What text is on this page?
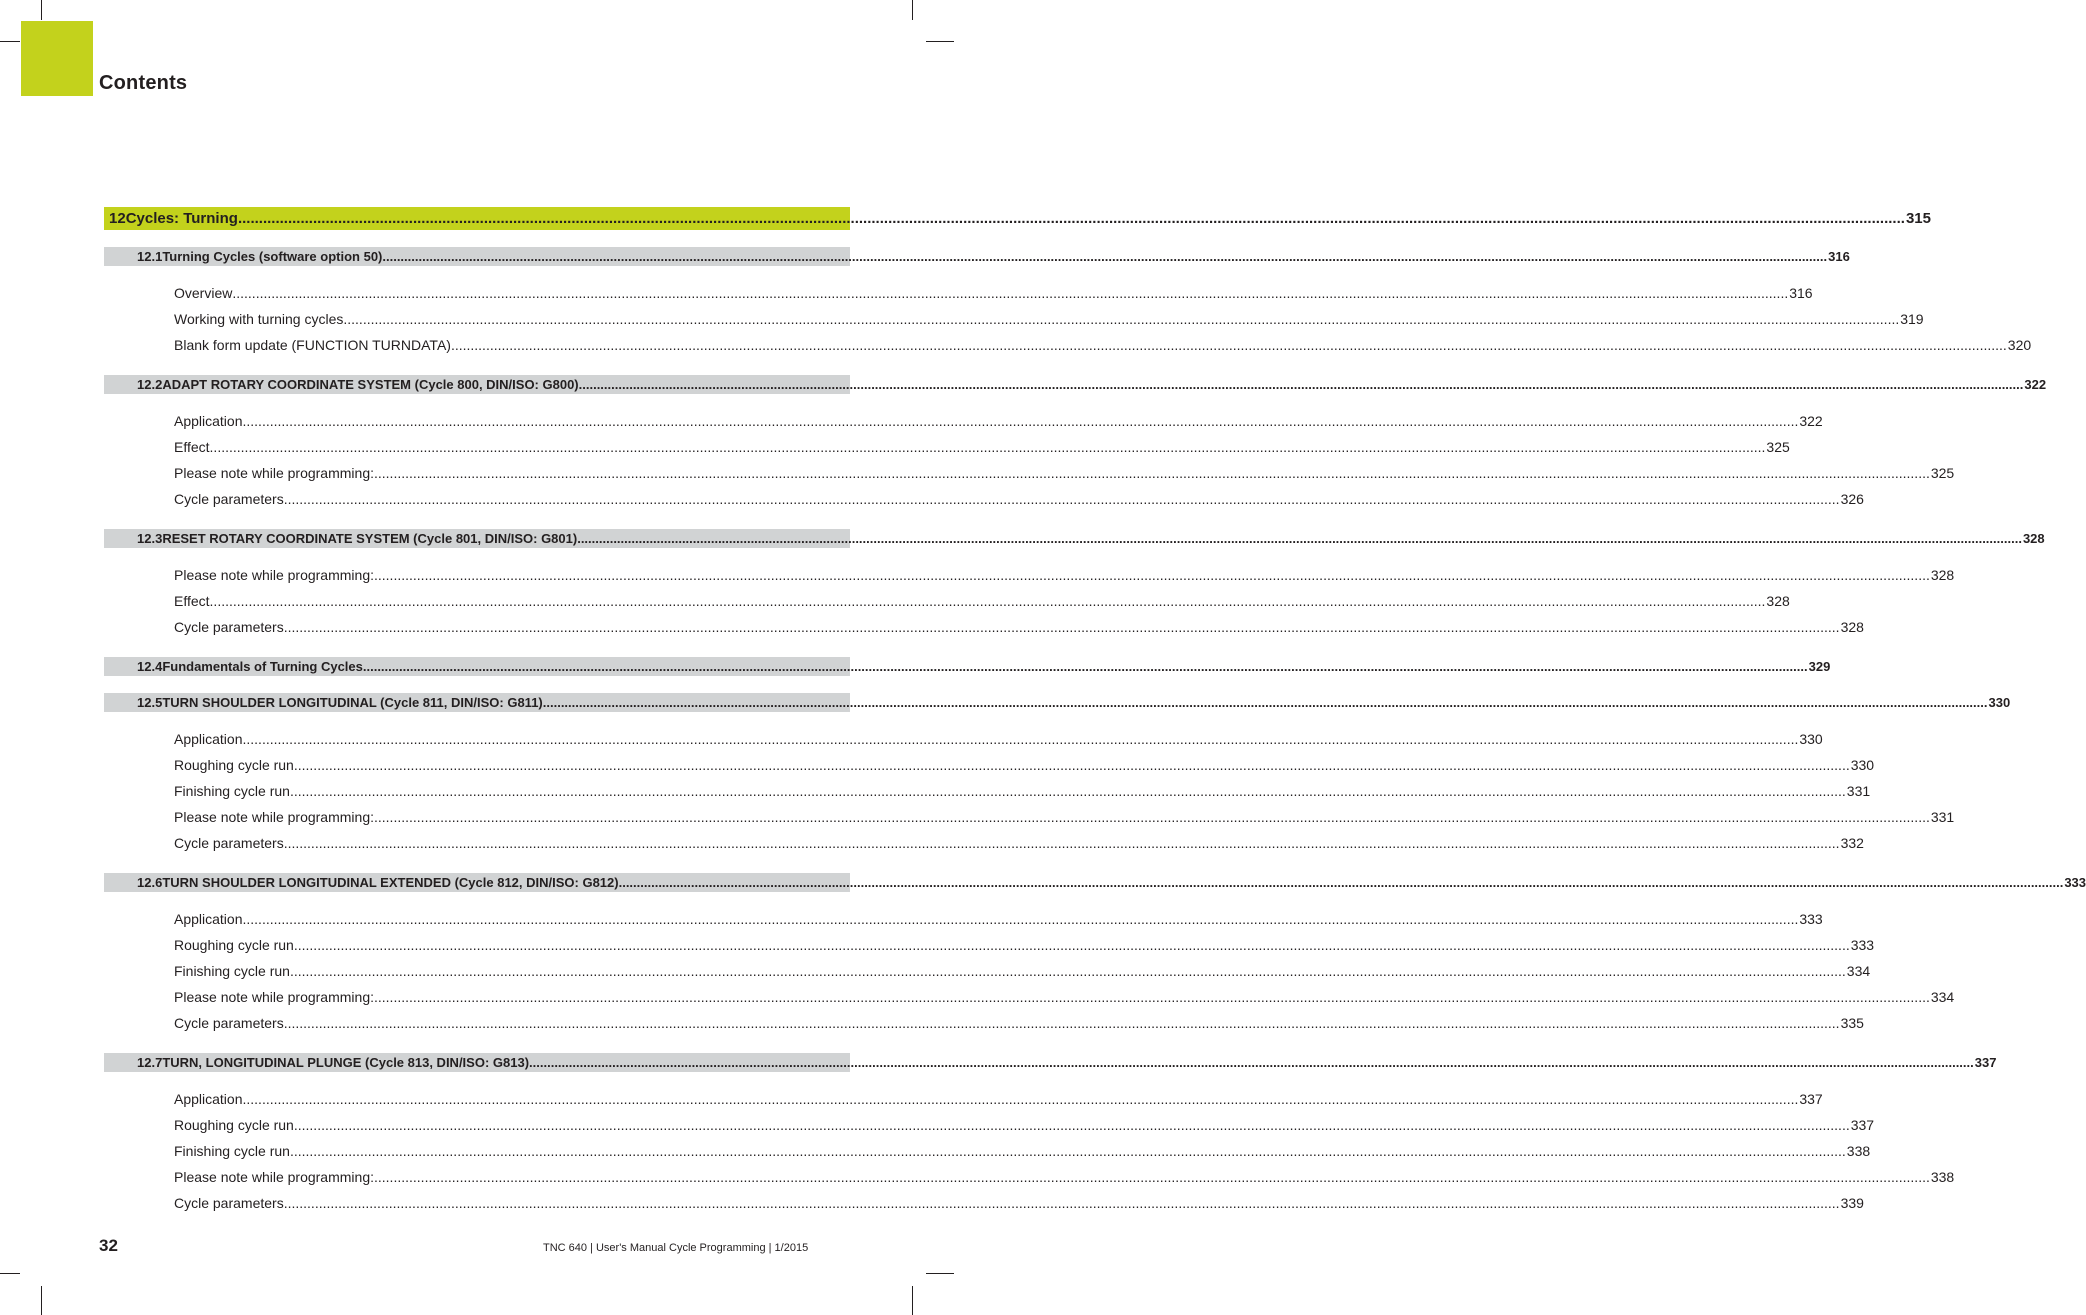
Contents
12 Cycles: Turning ................................................................................................................................................................................................................................................................................................................................................................................................................ 315
12.1 Turning Cycles (software option 50) ................................................................................................................................................................................................................................................................................................................................................................................................................ 316
Overview ................................................................................................................................................................................................................................................................................................................................................................................................................ 316
Working with turning cycles ................................................................................................................................................................................................................................................................................................................................................................................................................ 319
Blank form update (FUNCTION TURNDATA) ................................................................................................................................................................................................................................................................................................................................................................................................................ 320
12.2 ADAPT ROTARY COORDINATE SYSTEM (Cycle 800, DIN/ISO: G800) ................................................................................................................................................................................................................................................................................................................................................................................................................ 322
Application ................................................................................................................................................................................................................................................................................................................................................................................................................ 322
Effect ................................................................................................................................................................................................................................................................................................................................................................................................................ 325
Please note while programming: ................................................................................................................................................................................................................................................................................................................................................................................................................ 325
Cycle parameters ................................................................................................................................................................................................................................................................................................................................................................................................................ 326
12.3 RESET ROTARY COORDINATE SYSTEM (Cycle 801, DIN/ISO: G801) ................................................................................................................................................................................................................................................................................................................................................................................................................ 328
Please note while programming: ................................................................................................................................................................................................................................................................................................................................................................................................................ 328
Effect ................................................................................................................................................................................................................................................................................................................................................................................................................ 328
Cycle parameters ................................................................................................................................................................................................................................................................................................................................................................................................................ 328
12.4 Fundamentals of Turning Cycles ................................................................................................................................................................................................................................................................................................................................................................................................................ 329
12.5 TURN SHOULDER LONGITUDINAL (Cycle 811, DIN/ISO: G811) ................................................................................................................................................................................................................................................................................................................................................................................................................ 330
Application ................................................................................................................................................................................................................................................................................................................................................................................................................ 330
Roughing cycle run ................................................................................................................................................................................................................................................................................................................................................................................................................ 330
Finishing cycle run ................................................................................................................................................................................................................................................................................................................................................................................................................ 331
Please note while programming: ................................................................................................................................................................................................................................................................................................................................................................................................................ 331
Cycle parameters ................................................................................................................................................................................................................................................................................................................................................................................................................ 332
12.6 TURN SHOULDER LONGITUDINAL EXTENDED (Cycle 812, DIN/ISO: G812) ................................................................................................................................................................................................................................................................................................................................................................................................................ 333
Application ................................................................................................................................................................................................................................................................................................................................................................................................................ 333
Roughing cycle run ................................................................................................................................................................................................................................................................................................................................................................................................................ 333
Finishing cycle run ................................................................................................................................................................................................................................................................................................................................................................................................................ 334
Please note while programming: ................................................................................................................................................................................................................................................................................................................................................................................................................ 334
Cycle parameters ................................................................................................................................................................................................................................................................................................................................................................................................................ 335
12.7 TURN, LONGITUDINAL PLUNGE (Cycle 813, DIN/ISO: G813) ................................................................................................................................................................................................................................................................................................................................................................................................................ 337
Application ................................................................................................................................................................................................................................................................................................................................................................................................................ 337
Roughing cycle run ................................................................................................................................................................................................................................................................................................................................................................................................................ 337
Finishing cycle run ................................................................................................................................................................................................................................................................................................................................................................................................................ 338
Please note while programming: ................................................................................................................................................................................................................................................................................................................................................................................................................ 338
Cycle parameters ................................................................................................................................................................................................................................................................................................................................................................................................................ 339
32	TNC 640 | User's Manual Cycle Programming | 1/2015
